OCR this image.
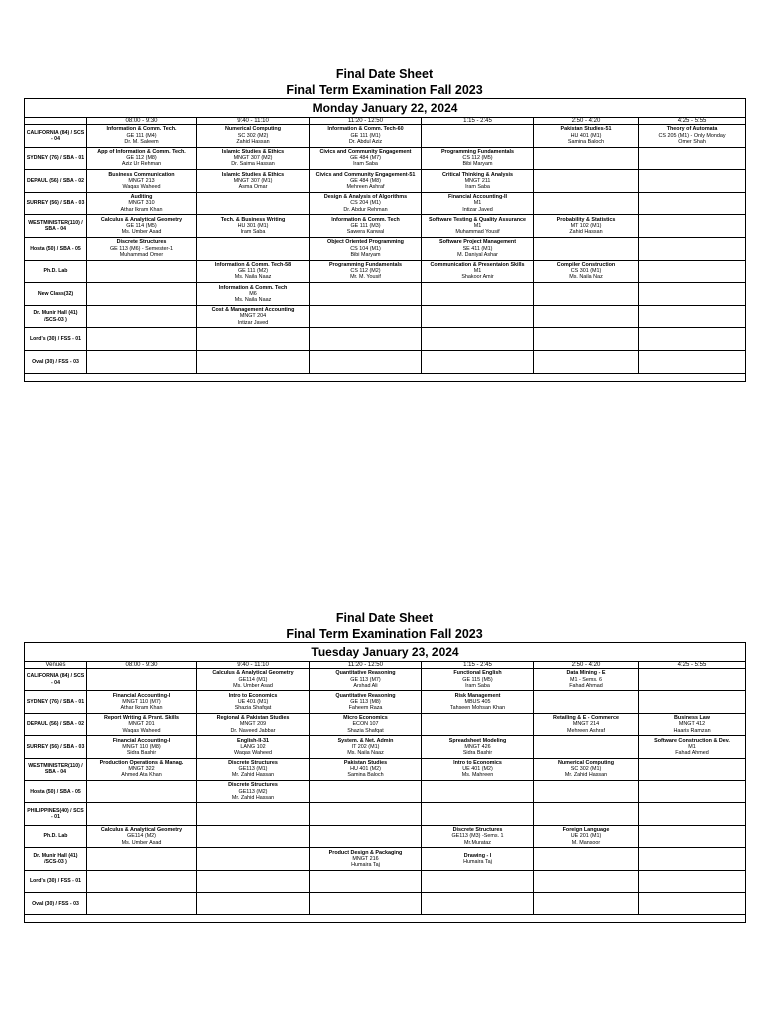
Final Date Sheet
Final Term Examination Fall 2023
Monday January 22, 2024						
	08:00 - 9:30	9:40 - 11:10	11:20 - 12:50	1:15 - 2:45	2:50 - 4:20	4:25 - 5:55
CALIFORNIA (84) / SCS - 04	Information & Comm. Tech.
GE 111 (M4)
Dr. M. Saleem	Numerical Computing
SC 302 (M2)
Zahid Hassan	Information & Comm. Tech-60
GE 111 (M1)
Dr. Abdul Aziz		Pakistan Studies-51
HU 401 (M1)
Samina Baloch	Theory of Automata
CS 205 (M1) - Only Monday
Omer Shah

SYDNEY (76) / SBA - 01	App of Information & Comm. Tech.
GE 112 (M8)
Aziz Ur Rehman	Islamic Studies & Ethics
MNGT 307 (M2)
Dr. Saima Hassan	Civics and Community Engagement
GE 484 (M7)
Iram Saba	Programming Fundamentals
CS 112 (M5)
Bibi Maryam		

DEPAUL (56) / SBA - 02	Business Communication
MNGT 213
Waqas Waheed	Islamic Studies & Ethics
MNGT 307 (M1)
Asma Omar	Civics and Community Engagement-51
GE 484 (M8)
Mehreen Ashraf	Critical Thinking & Analysis
MNGT 211
Iram Saba		

SURREY (56) / SBA - 03	Auditing
MNGT 310
Athar Ikram Khan		Design & Analysis of Algorithms
CS 204 (M1)
Dr. Abdur Rehman	Financial Accounting-II
M1
Intizar Javed		

WESTMINISTER(110) / SBA - 04	Calculus & Analytical Geometry
GE 114 (M5)
Ms. Umber Asad	Tech. & Business Writing
HU 301 (M1)
Iram Saba	Information & Comm. Tech
GE 111 (M3)
Sawera Kanwal	Software Testing & Quality Assurance
M1
Muhammad Yousif	Probability & Statistics
MT 102 (M1)
Zahid Hassan	

Hosta (50) / SBA - 05	Discrete Structures
GE 113 (M6) - Semester-1
Muhammad Omer		Object Oriented Programming
CS 104 (M1)
Bibi Maryam	Software Project Management
SE 411 (M1)
M. Daniyal Ashar		

Ph.D. Lab		Information & Comm. Tech-58
GE 111 (M2)
Ms. Naila Naaz	Programming Fundamentals
CS 112 (M2)
Mr. M. Yousif	Communication & Presentaion Skills
M1
Shakoor Amir	Compiler Construction
CS 301 (M1)
Ms. Naila Naz	

New Class(32)		Information & Comm. Tech
M6
Ms. Naila Naaz				

Dr. Munir Hall (41) /SCS-03 )		Cost & Management Accounting
MNGT 204
Intizar Javed				

Lord's (30) / FSS - 01						
Oval (30) / FSS - 03						

Final Date Sheet
Final Term Examination Fall 2023
Tuesday January 23, 2024						
Venues	08:00 - 9:30	9:40 - 11:10	11:20 - 12:50	1:15 - 2:45	2:50 - 4:20	4:25 - 5:55
CALIFORNIA (84) / SCS - 04		Calculus & Analytical Geometry
GE114 (M1)
Ms. Umber Asad	Quantitative Reasoning
GE 113 (M7)
Arshad Ali	Functional English
GE 115 (M5)
Iram Saba	Data Mining - E
M1 - Sems. 6
Fahad Ahmad	

SYDNEY (76) / SBA - 01	Financial Accounting-I
MNGT 110 (M7)
Athar Ikram Khan	Intro to Economics
UE 401 (M1)
Shazia Shafqat	Quantitative Reasoning
GE 113 (M8)
Faheem Raza	Risk Management
MBUS 405
Tahseen Mohsan Khan		

DEPAUL (56) / SBA - 02	Report Writing & Prsnt. Skills
MNGT 201
Waqas Waheed	Regional & Pakistan Studies
MNGT 209
Dr. Naveed Jabbar	Micro Economics
ECON 107
Shazia Shafqat		Retailing & E - Commerce
MNGT 214
Mehreen Ashraf	Business Law
MNGT 412
Haaris Ramzan

SURREY (56) / SBA - 03	Financial Accounting-I
MNGT 110 (M8)
Sidra Bashir	English-II-31
LANG 102
Waqas Waheed	System. & Net. Admin
IT 202 (M1)
Ms. Naila Naaz	Spreadsheet Modeling
MNGT 426
Sidra Bashir		Software Construction & Dev.
M1
Fahad Ahmed

WESTMINISTER(110) / SBA - 04	Production Operations & Manag.
MNGT 322
Ahmed Ata Khan	Discrete Structures
GE113 (M1)
Mr. Zahid Hassan	Pakistan Studies
HU 401 (M2)
Samina Baloch	Intro to Economics
UE 401 (M2)
Ms. Mahreen	Numerical Computing
SC 302 (M1)
Mr. Zahid Hassan	

Hosta (50) / SBA - 05		Discrete Structures
GE113 (M2)
Mr. Zahid Hassan				

PHILIPPINES(40) / SCS - 01						
Ph.D. Lab	Calculus & Analytical Geometry
GE114 (M2)
Ms. Umber Asad			Discrete Structures
GE113 (M3) -Sems. 1
Mr.Murataz	Foreign Language
UE 201 (M1)
M. Mansoor	

Dr. Munir Hall (41) /SCS-03 )			Product Design & Packaging
MNGT 216
Humaira Taj	Drawing - I
Humaira Taj		

Lord's (30) / FSS - 01						
Oval (30) / FSS - 03						
